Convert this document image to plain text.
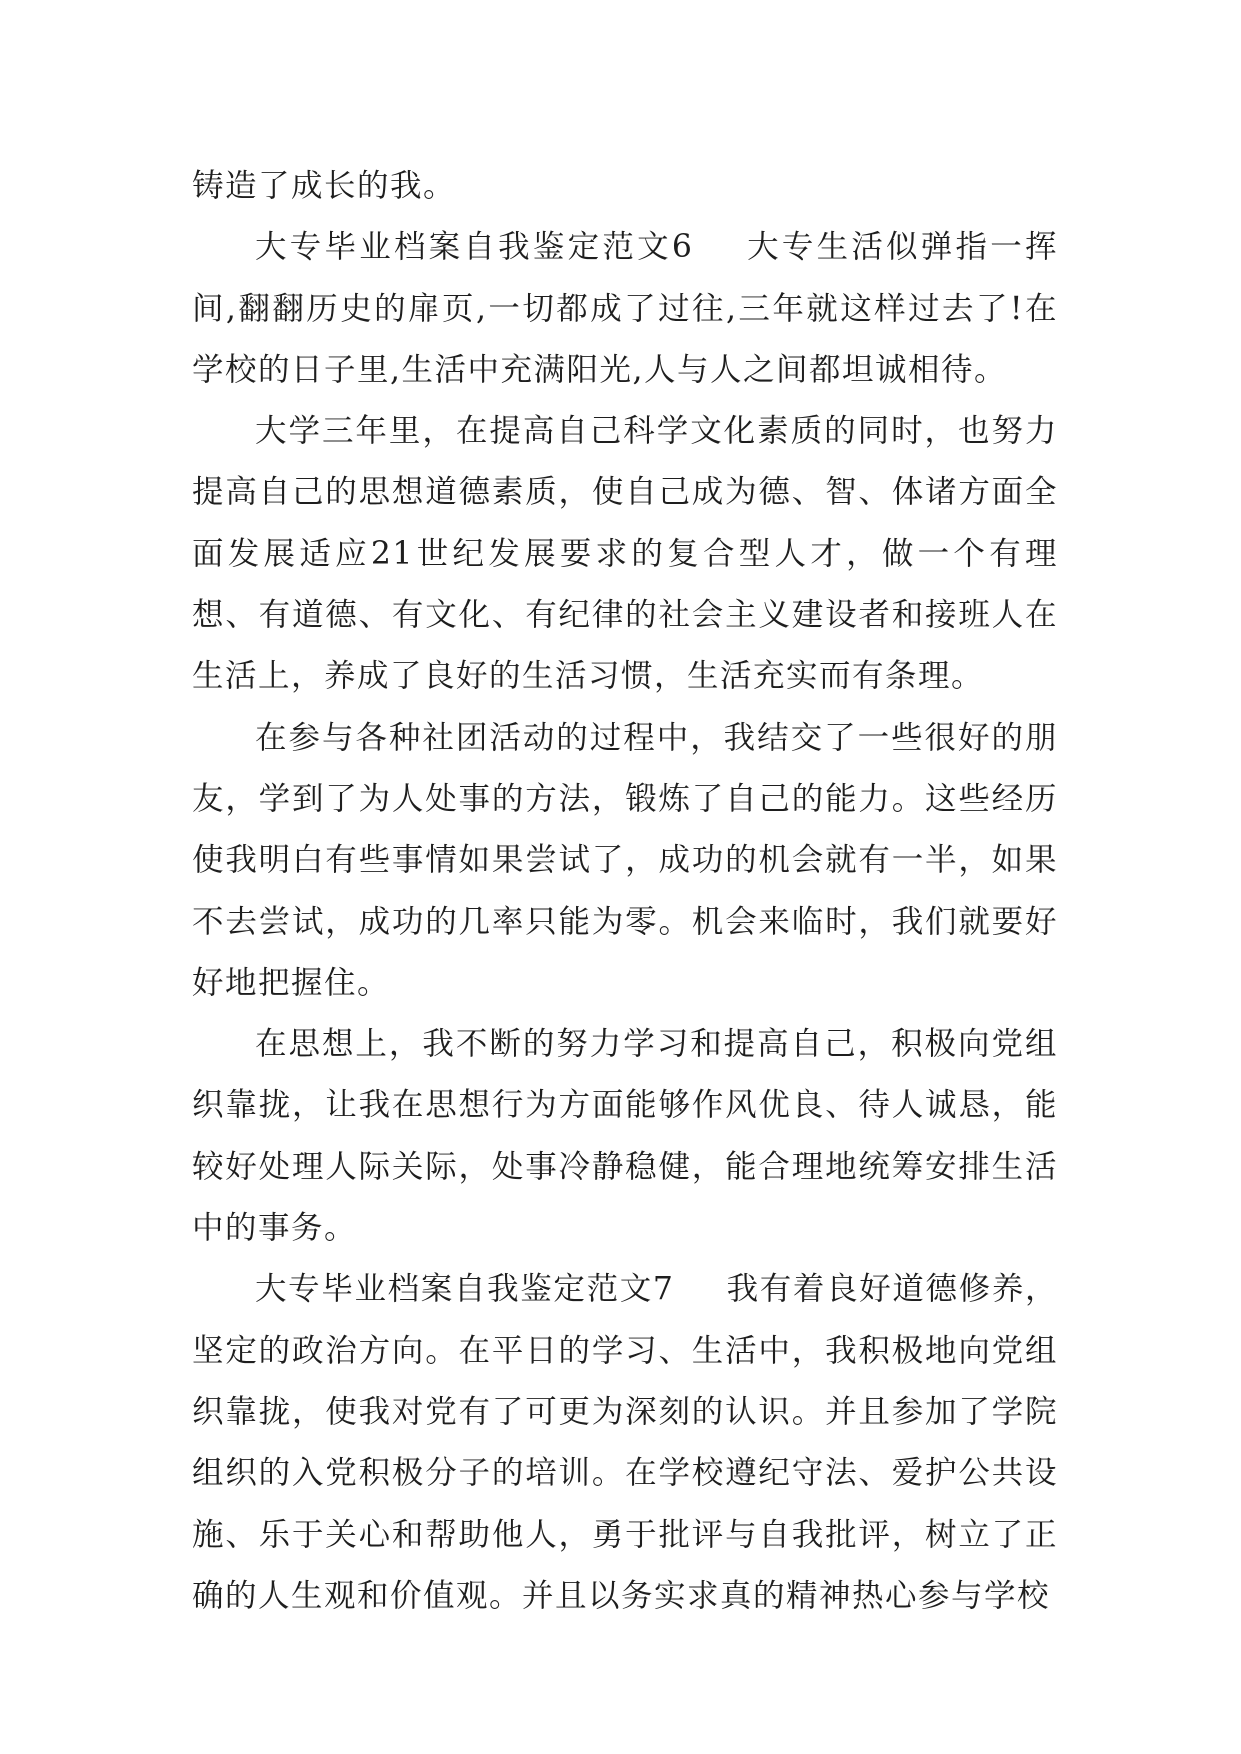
铸造了成长的我。

大专毕业档案自我鉴定范文6 大专生活似弹指一挥间,翻翻历史的扉页,一切都成了过往,三年就这样过去了!在学校的日子里,生活中充满阳光,人与人之间都坦诚相待。

大学三年里，在提高自己科学文化素质的同时，也努力提高自己的思想道德素质，使自己成为德、智、体诸方面全面发展适应21世纪发展要求的复合型人才，做一个有理想、有道德、有文化、有纪律的社会主义建设者和接班人在生活上，养成了良好的生活习惯，生活充实而有条理。

在参与各种社团活动的过程中，我结交了一些很好的朋友，学到了为人处事的方法，锻炼了自己的能力。这些经历使我明白有些事情如果尝试了，成功的机会就有一半，如果不去尝试，成功的几率只能为零。机会来临时，我们就要好好地把握住。

在思想上，我不断的努力学习和提高自己，积极向党组织靠拢，让我在思想行为方面能够作风优良、待人诚恳，能较好处理人际关际，处事冷静稳健，能合理地统筹安排生活中的事务。

大专毕业档案自我鉴定范文7 我有着良好道德修养，坚定的政治方向。在平日的学习、生活中，我积极地向党组织靠拢，使我对党有了可更为深刻的认识。并且参加了学院组织的入党积极分子的培训。在学校遵纪守法、爱护公共设施、乐于关心和帮助他人，勇于批评与自我批评，树立了正确的人生观和价值观。并且以务实求真的精神热心参与学校
